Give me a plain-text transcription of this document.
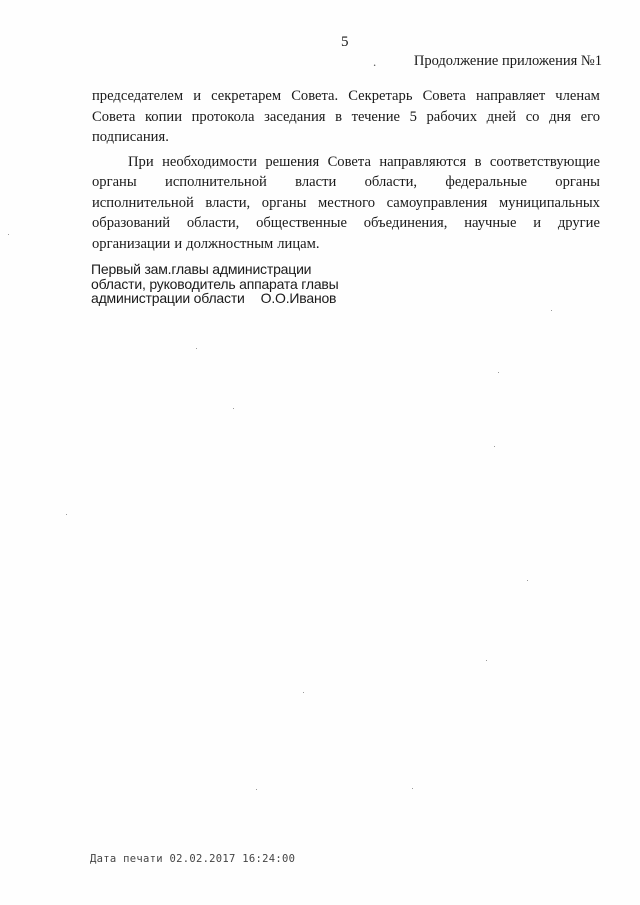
5
.	Продолжение приложения №1
председателем и секретарем Совета. Секретарь Совета направляет членам
Совета копии протокола заседания в течение 5 рабочих дней со дня его
подписания.
При необходимости решения Совета направляются в соответствующие
органы исполнительной власти области, федеральные органы
исполнительной власти, органы местного самоуправления муниципальных
образований области, общественные объединения, научные и другие
организации и должностным лицам.
Первый зам.главы администрации
области, руководитель аппарата главы
администрации области О.О.Иванов
Дата печати 02.02.2017 16:24:00
